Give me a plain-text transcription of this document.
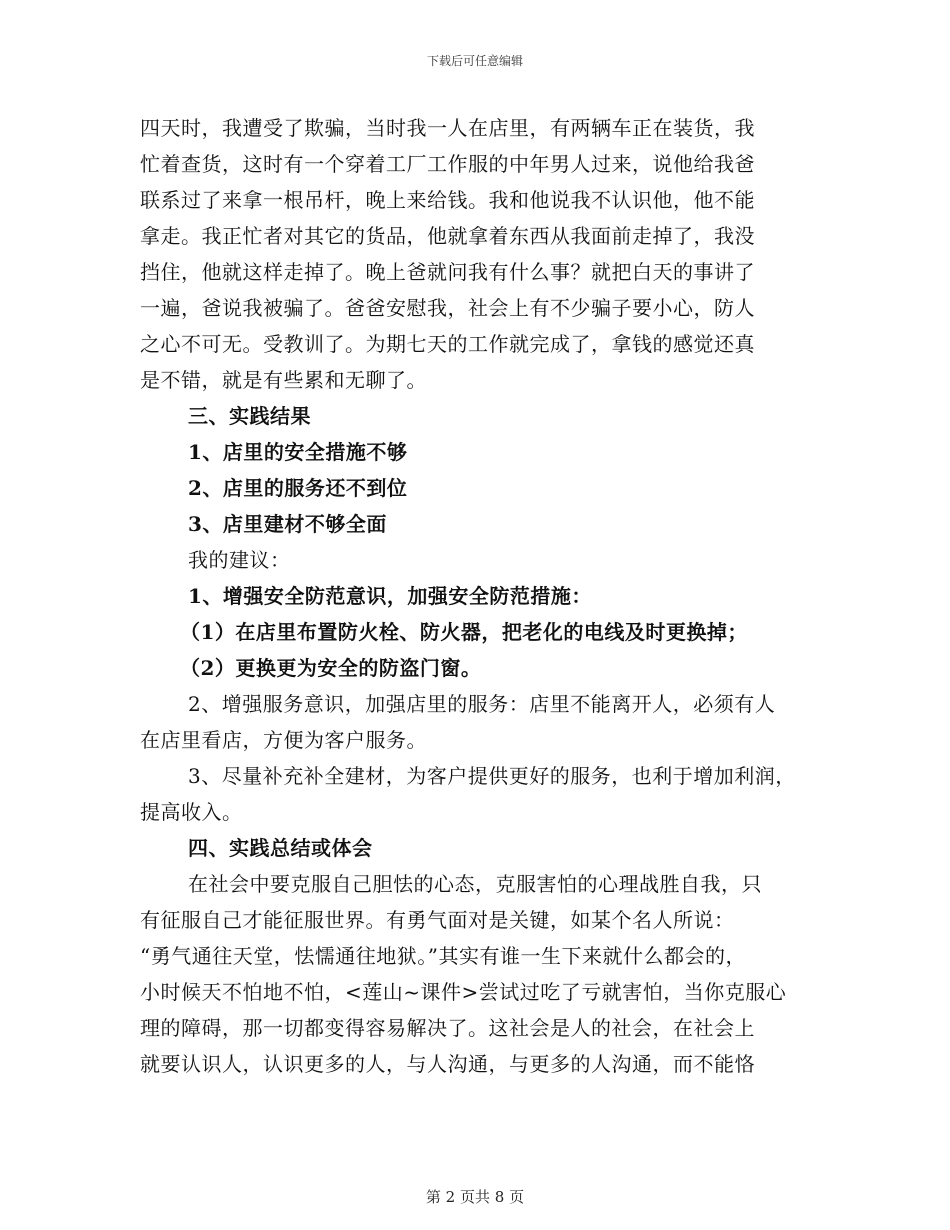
下载后可任意编辑
四天时，我遭受了欺骗，当时我一人在店里，有两辆车正在装货，我
忙着查货，这时有一个穿着工厂工作服的中年男人过来，说他给我爸
联系过了来拿一根吊杆，晚上来给钱。我和他说我不认识他，他不能
拿走。我正忙者对其它的货品，他就拿着东西从我面前走掉了，我没
挡住，他就这样走掉了。晚上爸就问我有什么事？就把白天的事讲了
一遍，爸说我被骗了。爸爸安慰我，社会上有不少骗子要小心，防人
之心不可无。受教训了。为期七天的工作就完成了，拿钱的感觉还真
是不错，就是有些累和无聊了。
三、实践结果
1、店里的安全措施不够
2、店里的服务还不到位
3、店里建材不够全面
我的建议：
1、增强安全防范意识，加强安全防范措施：
（1）在店里布置防火栓、防火器，把老化的电线及时更换掉；
（2）更换更为安全的防盗门窗。
2、增强服务意识，加强店里的服务：店里不能离开人，必须有人
在店里看店，方便为客户服务。
3、尽量补充补全建材，为客户提供更好的服务，也利于增加利润，
提高收入。
四、实践总结或体会
在社会中要克服自己胆怯的心态，克服害怕的心理战胜自我，只
有征服自己才能征服世界。有勇气面对是关键，如某个名人所说：
“勇气通往天堂，怯懦通往地狱。”其实有谁一生下来就什么都会的，
小时候天不怕地不怕，<莲山~课件>尝试过吃了亏就害怕，当你克服心
理的障碍，那一切都变得容易解决了。这社会是人的社会，在社会上
就要认识人，认识更多的人，与人沟通，与更多的人沟通，而不能恪
第 2 页共 8 页
